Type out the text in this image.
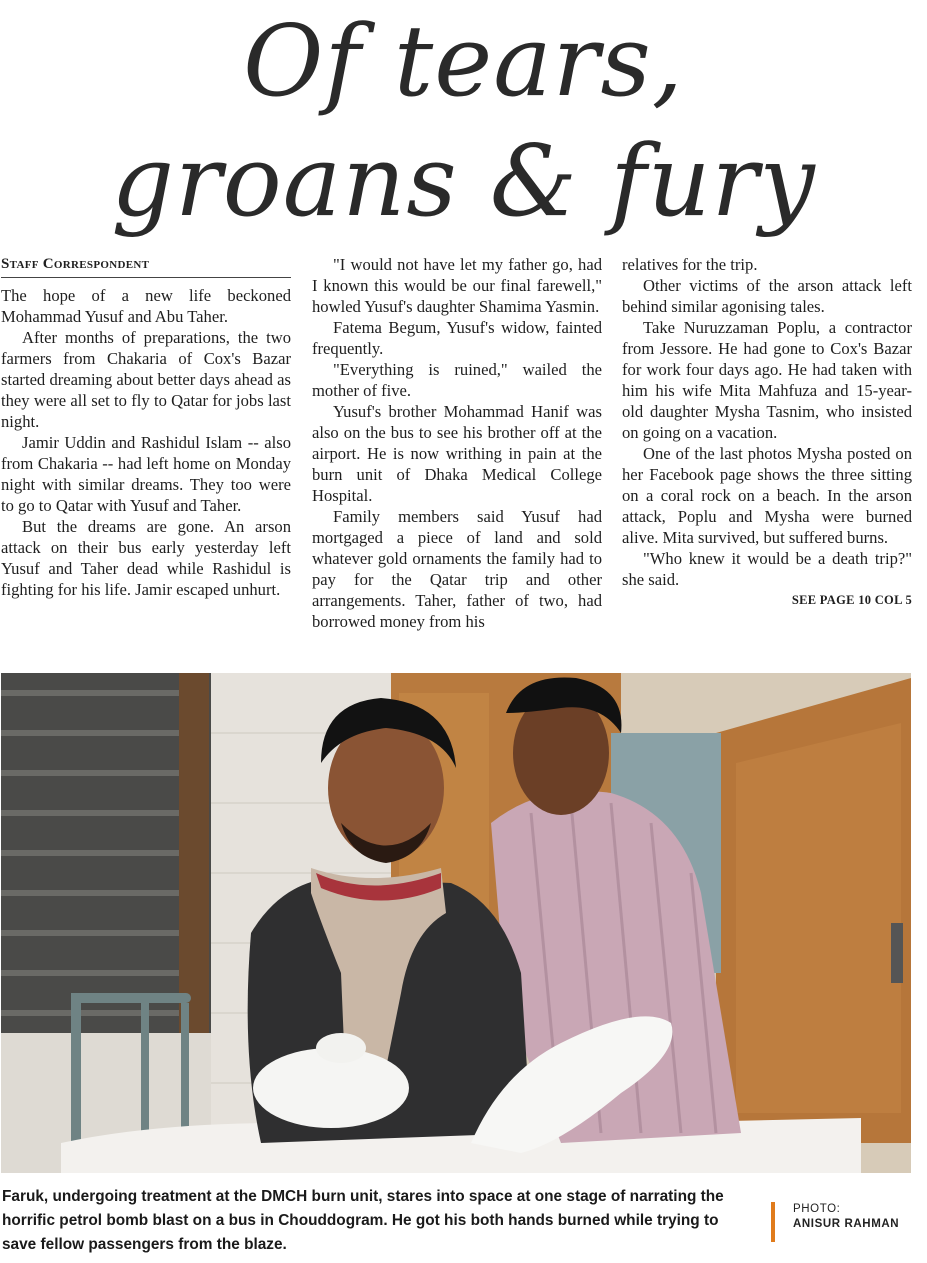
Of tears,
groans & fury
Staff Correspondent

The hope of a new life beckoned Mohammad Yusuf and Abu Taher.

After months of preparations, the two farmers from Chakaria of Cox's Bazar started dreaming about better days ahead as they were all set to fly to Qatar for jobs last night.

Jamir Uddin and Rashidul Islam -- also from Chakaria -- had left home on Monday night with similar dreams. They too were to go to Qatar with Yusuf and Taher.

But the dreams are gone. An arson attack on their bus early yesterday left Yusuf and Taher dead while Rashidul is fighting for his life. Jamir escaped unhurt.

"I would not have let my father go, had I known this would be our final farewell," howled Yusuf's daughter Shamima Yasmin.

Fatema Begum, Yusuf's widow, fainted frequently.

"Everything is ruined," wailed the mother of five.

Yusuf's brother Mohammad Hanif was also on the bus to see his brother off at the airport. He is now writhing in pain at the burn unit of Dhaka Medical College Hospital.

Family members said Yusuf had mortgaged a piece of land and sold whatever gold ornaments the family had to pay for the Qatar trip and other arrangements. Taher, father of two, had borrowed money from his

relatives for the trip.

Other victims of the arson attack left behind similar agonising tales.

Take Nuruzzaman Poplu, a contractor from Jessore. He had gone to Cox's Bazar for work four days ago. He had taken with him his wife Mita Mahfuza and 15-year-old daughter Mysha Tasnim, who insisted on going on a vacation.

One of the last photos Mysha posted on her Facebook page shows the three sitting on a coral rock on a beach. In the arson attack, Poplu and Mysha were burned alive. Mita survived, but suffered burns.

"Who knew it would be a death trip?" she said.

SEE PAGE 10 COL 5

Faruk, undergoing treatment at the DMCH burn unit, stares into space at one stage of narrating the horrific petrol bomb blast on a bus in Chouddogram. He got his both hands burned while trying to save fellow passengers from the blaze.

PHOTO:
ANISUR RAHMAN
